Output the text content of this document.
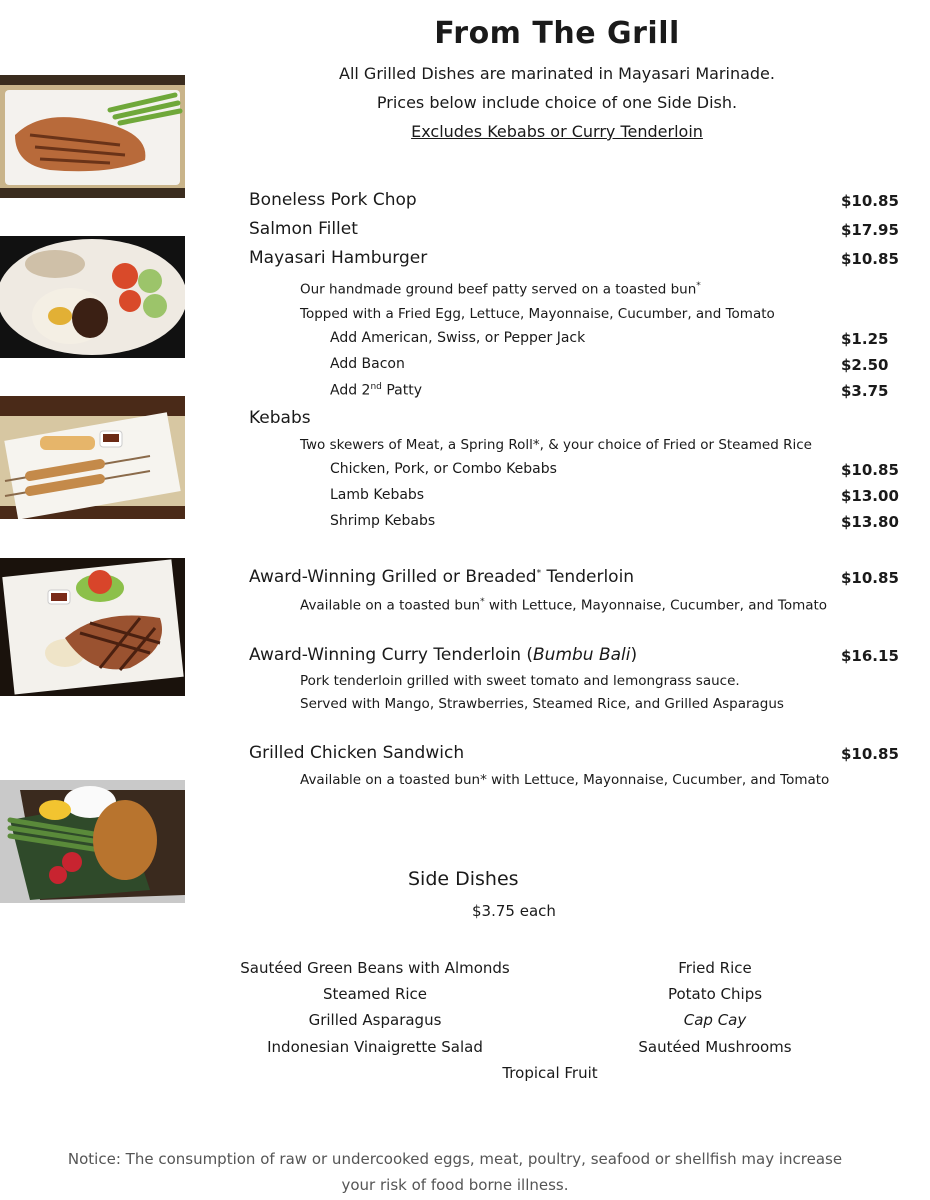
From The Grill
All Grilled Dishes are marinated in Mayasari Marinade.
Prices below include choice of one Side Dish.
Excludes Kebabs or Curry Tenderloin
Boneless Pork Chop	$10.85
Salmon Fillet	$17.95
Mayasari Hamburger	$10.85
Our handmade ground beef patty served on a toasted bun*
Topped with a Fried Egg, Lettuce, Mayonnaise, Cucumber, and Tomato
Add American, Swiss, or Pepper Jack	$1.25
Add Bacon	$2.50
Add 2nd Patty	$3.75
Kebabs
Two skewers of Meat, a Spring Roll*, & your choice of Fried or Steamed Rice
Chicken, Pork, or Combo Kebabs	$10.85
Lamb Kebabs	$13.00
Shrimp Kebabs	$13.80
Award-Winning Grilled or Breaded* Tenderloin	$10.85
Available on a toasted bun* with Lettuce, Mayonnaise, Cucumber, and Tomato
Award-Winning Curry Tenderloin (Bumbu Bali)	$16.15
Pork tenderloin grilled with sweet tomato and lemongrass sauce.
Served with Mango, Strawberries, Steamed Rice, and Grilled Asparagus
Grilled Chicken Sandwich	$10.85
Available on a toasted bun* with Lettuce, Mayonnaise, Cucumber, and Tomato
Side Dishes
$3.75 each
Sautéed Green Beans with Almonds
Steamed Rice
Grilled Asparagus
Indonesian Vinaigrette Salad
Fried Rice
Potato Chips
Cap Cay
Sautéed Mushrooms
Tropical Fruit
Notice: The consumption of raw or undercooked eggs, meat, poultry, seafood or shellfish may increase
your risk of food borne illness.
